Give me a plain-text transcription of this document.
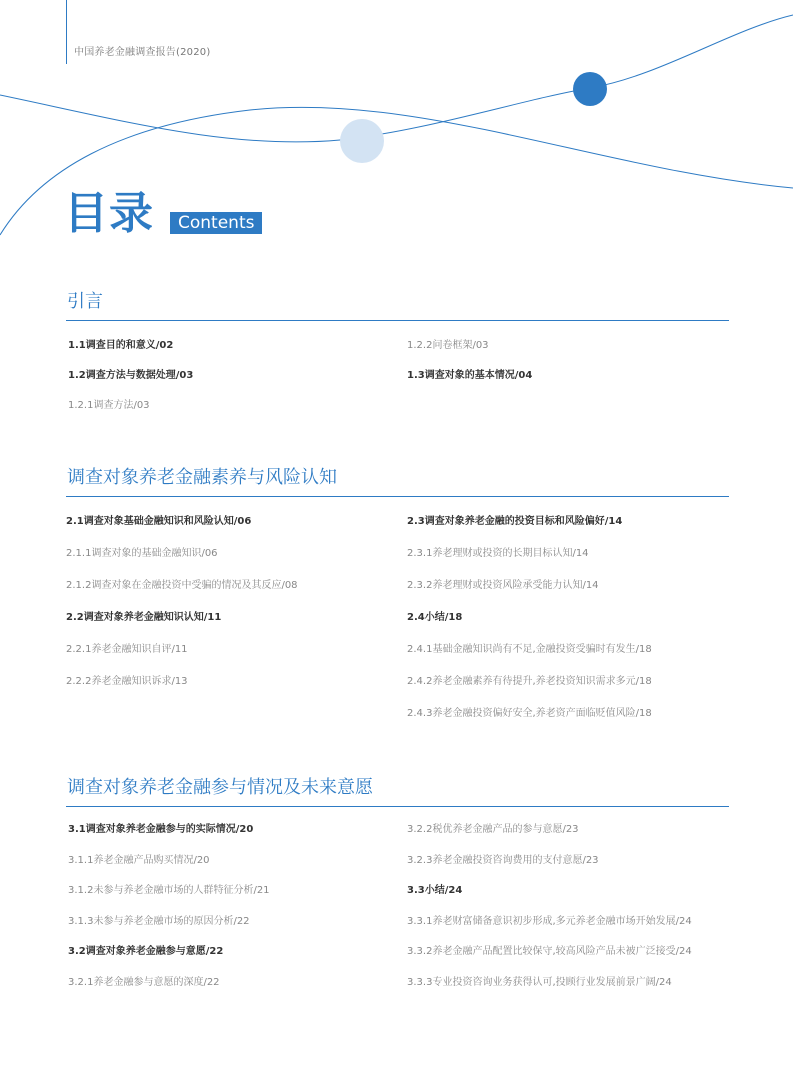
中国养老金融调查报告(2020)
目录	Contents
引言
1.1调查目的和意义/02
1.2调查方法与数据处理/03
1.2.1调查方法/03
1.2.2问卷框架/03
1.3调查对象的基本情况/04
调查对象养老金融素养与风险认知
2.1调查对象基础金融知识和风险认知/06
2.1.1调查对象的基础金融知识/06
2.1.2调查对象在金融投资中受骗的情况及其反应/08
2.2调查对象养老金融知识认知/11
2.2.1养老金融知识自评/11
2.2.2养老金融知识诉求/13
2.3调查对象养老金融的投资目标和风险偏好/14
2.3.1养老理财或投资的长期目标认知/14
2.3.2养老理财或投资风险承受能力认知/14
2.4小结/18
2.4.1基础金融知识尚有不足,金融投资受骗时有发生/18
2.4.2养老金融素养有待提升,养老投资知识需求多元/18
2.4.3养老金融投资偏好安全,养老资产面临贬值风险/18
调查对象养老金融参与情况及未来意愿
3.1调查对象养老金融参与的实际情况/20
3.1.1养老金融产品购买情况/20
3.1.2未参与养老金融市场的人群特征分析/21
3.1.3未参与养老金融市场的原因分析/22
3.2调查对象养老金融参与意愿/22
3.2.1养老金融参与意愿的深度/22
3.2.2税优养老金融产品的参与意愿/23
3.2.3养老金融投资咨询费用的支付意愿/23
3.3小结/24
3.3.1养老财富储备意识初步形成,多元养老金融市场开始发展/24
3.3.2养老金融产品配置比较保守,较高风险产品未被广泛接受/24
3.3.3专业投资咨询业务获得认可,投顾行业发展前景广阔/24
